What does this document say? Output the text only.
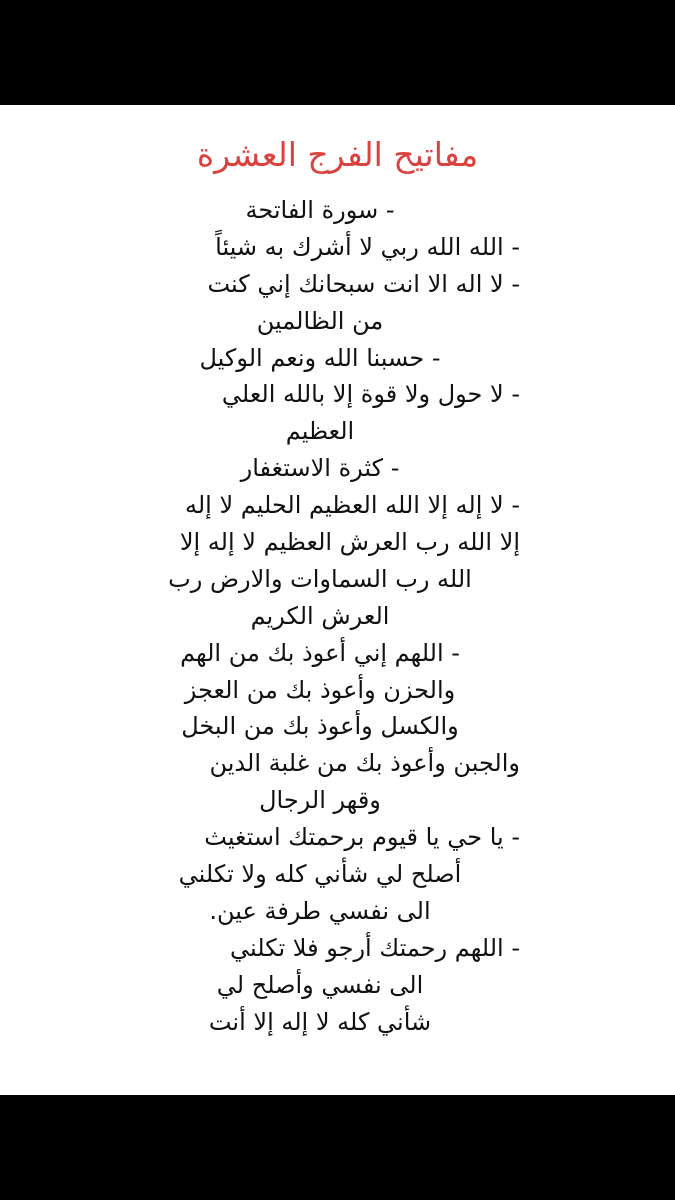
مفاتيح الفرج العشرة
- سورة الفاتحة
- الله الله ربي لا أشرك به شيئاً
- لا اله الا انت سبحانك إني كنت
من الظالمين
- حسبنا الله ونعم الوكيل
- لا حول ولا قوة إلا بالله العلي
العظيم
- كثرة الاستغفار
- لا إله إلا الله العظيم الحليم لا إله
إلا الله رب العرش العظيم لا إله إلا
الله رب السماوات والارض رب
العرش الكريم
- اللهم إني أعوذ بك من الهم
والحزن وأعوذ بك من العجز
والكسل وأعوذ بك من البخل
والجبن وأعوذ بك من غلبة الدين
وقهر الرجال
- يا حي يا قيوم برحمتك استغيث
أصلح لي شأني كله ولا تكلني
الى نفسي طرفة عين.
- اللهم رحمتك أرجو فلا تكلني
الى نفسي وأصلح لي
شأني كله لا إله إلا أنت
